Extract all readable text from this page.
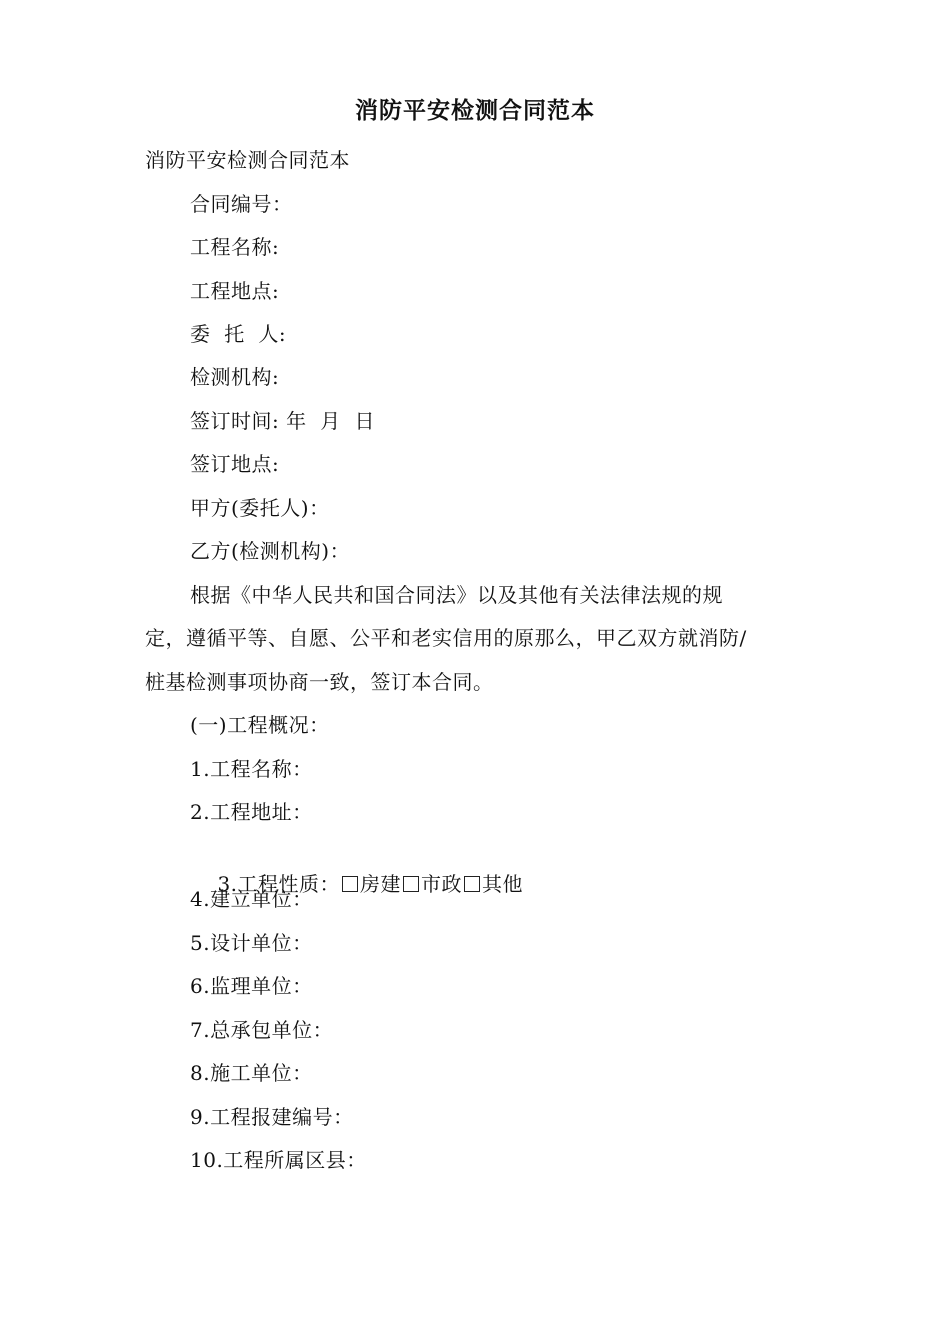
消防平安检测合同范本
消防平安检测合同范本
合同编号：
工程名称:
工程地点:
委  托  人:
检测机构:
签订时间: 年  月  日
签订地点:
甲方(委托人)：
乙方(检测机构)：
根据《中华人民共和国合同法》以及其他有关法律法规的规
定，遵循平等、自愿、公平和老实信用的原那么，甲乙双方就消防/
桩基检测事项协商一致，签订本合同。
(一)工程概况：
1.工程名称：
2.工程地址：

3.工程性质： 房建 市政 其他

4.建立单位：
5.设计单位：
6.监理单位：
7.总承包单位：
8.施工单位：
9.工程报建编号：
10.工程所属区县：
